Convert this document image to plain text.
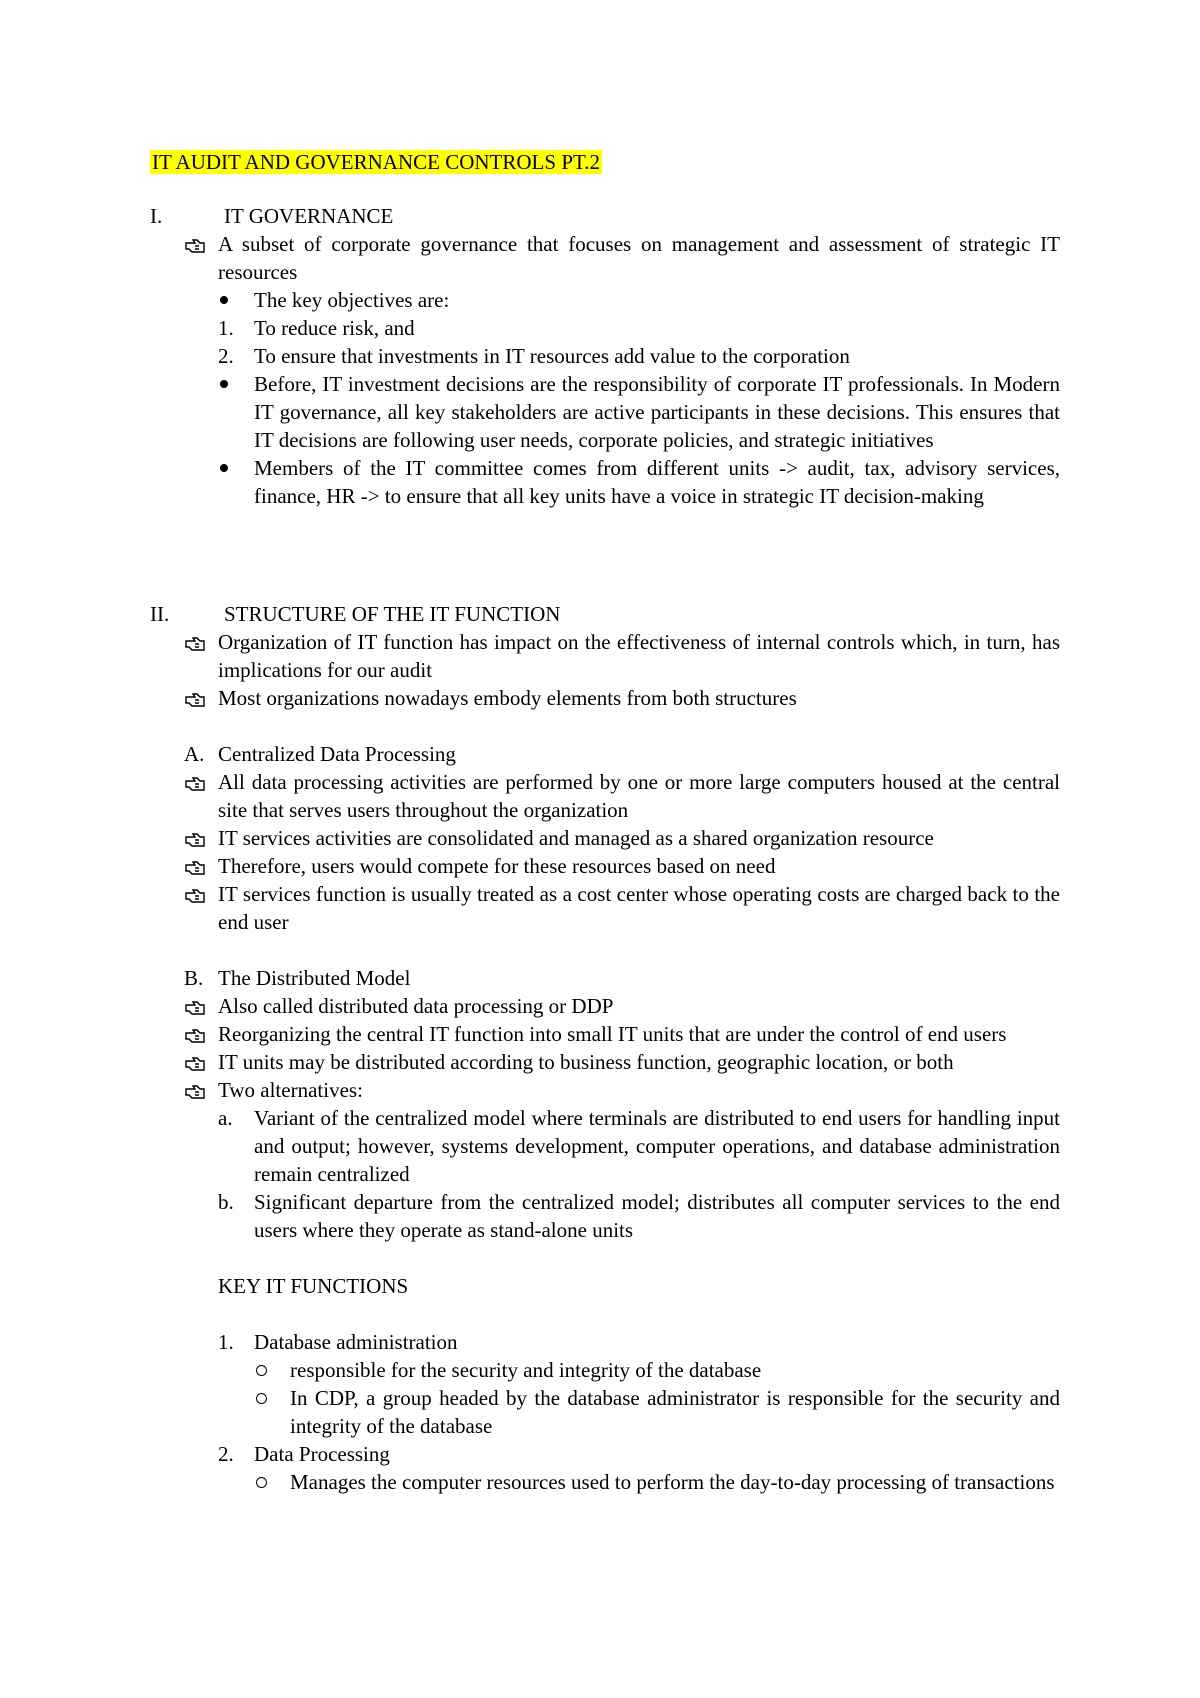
IT AUDIT AND GOVERNANCE CONTROLS PT.2
I.	IT GOVERNANCE
A subset of corporate governance that focuses on management and assessment of strategic IT resources
The key objectives are:
1. To reduce risk, and
2. To ensure that investments in IT resources add value to the corporation
Before, IT investment decisions are the responsibility of corporate IT professionals. In Modern IT governance, all key stakeholders are active participants in these decisions. This ensures that IT decisions are following user needs, corporate policies, and strategic initiatives
Members of the IT committee comes from different units -> audit, tax, advisory services, finance, HR -> to ensure that all key units have a voice in strategic IT decision-making
II.	STRUCTURE OF THE IT FUNCTION
Organization of IT function has impact on the effectiveness of internal controls which, in turn, has implications for our audit
Most organizations nowadays embody elements from both structures
A. Centralized Data Processing
All data processing activities are performed by one or more large computers housed at the central site that serves users throughout the organization
IT services activities are consolidated and managed as a shared organization resource
Therefore, users would compete for these resources based on need
IT services function is usually treated as a cost center whose operating costs are charged back to the end user
B. The Distributed Model
Also called distributed data processing or DDP
Reorganizing the central IT function into small IT units that are under the control of end users
IT units may be distributed according to business function, geographic location, or both
Two alternatives:
a.	Variant of the centralized model where terminals are distributed to end users for handling input and output; however, systems development, computer operations, and database administration remain centralized
b. Significant departure from the centralized model; distributes all computer services to the end users where they operate as stand-alone units
KEY IT FUNCTIONS
1. Database administration
responsible for the security and integrity of the database
In CDP, a group headed by the database administrator is responsible for the security and integrity of the database
2. Data Processing
Manages the computer resources used to perform the day-to-day processing of transactions
